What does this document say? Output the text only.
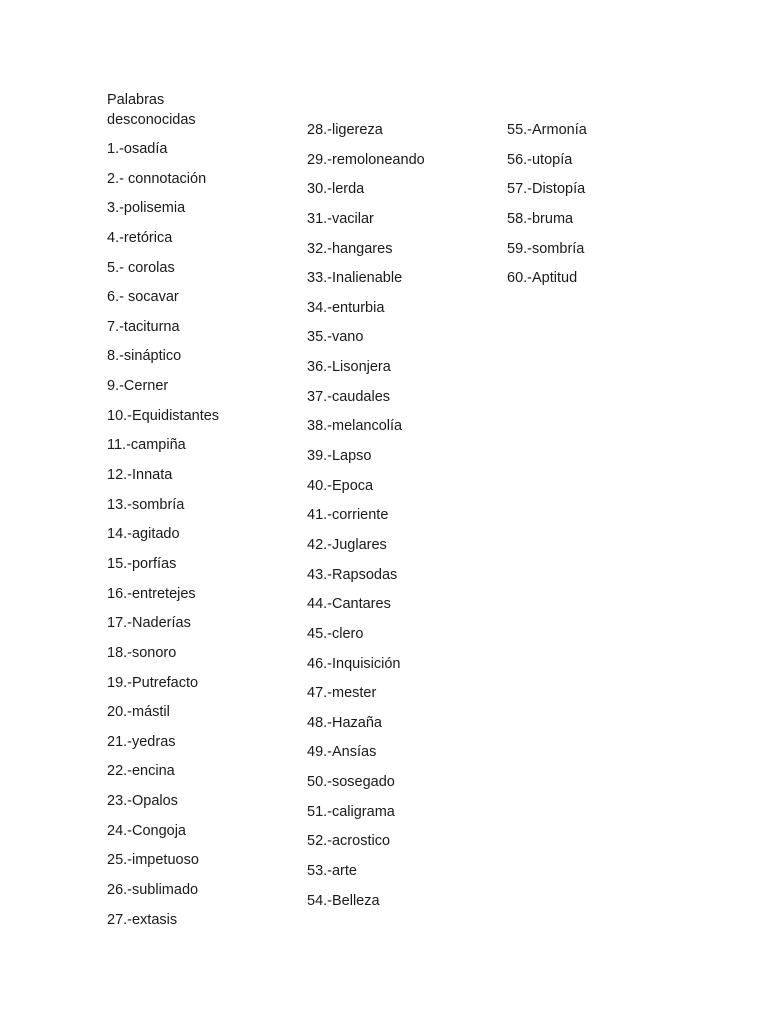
Palabras
desconocidas
1.-osadía
2.- connotación
3.-polisemia
4.-retórica
5.- corolas
6.- socavar
7.-taciturna
8.-sináptico
9.-Cerner
10.-Equidistantes
11.-campiña
12.-Innata
13.-sombría
14.-agitado
15.-porfías
16.-entretejes
17.-Naderías
18.-sonoro
19.-Putrefacto
20.-mástil
21.-yedras
22.-encina
23.-Opalos
24.-Congoja
25.-impetuoso
26.-sublimado
27.-extasis
28.-ligereza
29.-remoloneando
30.-lerda
31.-vacilar
32.-hangares
33.-Inalienable
34.-enturbia
35.-vano
36.-Lisonjera
37.-caudales
38.-melancolía
39.-Lapso
40.-Epoca
41.-corriente
42.-Juglares
43.-Rapsodas
44.-Cantares
45.-clero
46.-Inquisición
47.-mester
48.-Hazaña
49.-Ansías
50.-sosegado
51.-caligrama
52.-acrostico
53.-arte
54.-Belleza
55.-Armonía
56.-utopía
57.-Distopía
58.-bruma
59.-sombría
60.-Aptitud
